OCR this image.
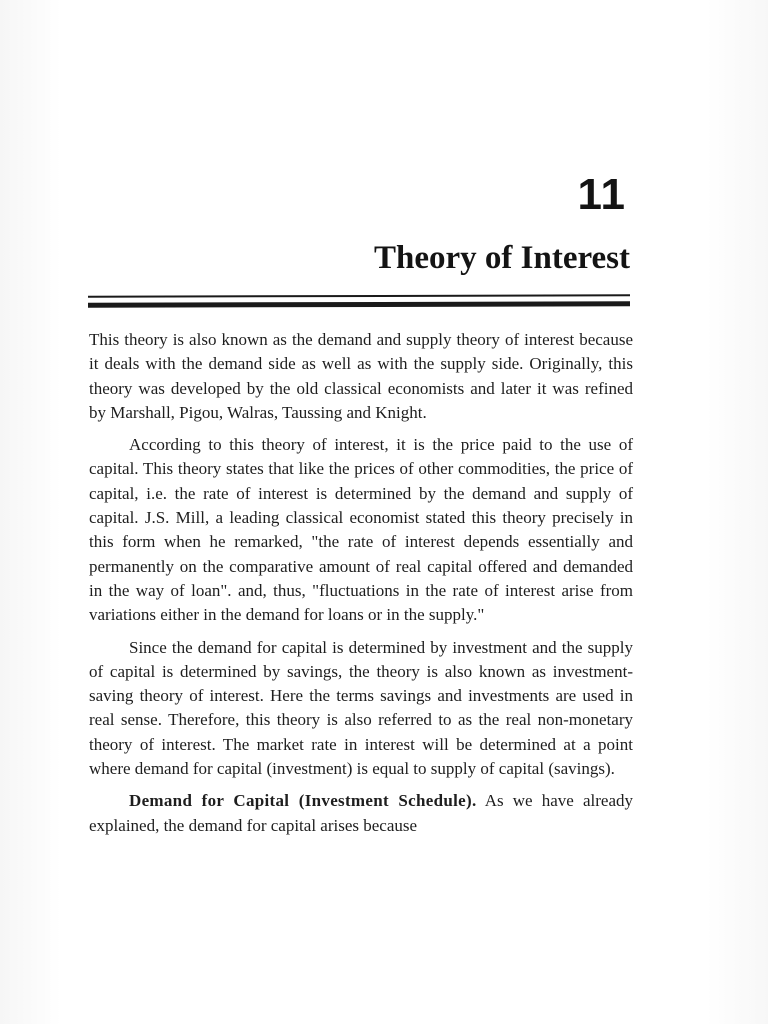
11
Theory of Interest

This theory is also known as the demand and supply theory of interest because it deals with the demand side as well as with the supply side. Originally, this theory was developed by the old classical economists and later it was refined by Marshall, Pigou, Walras, Taussing and Knight.

According to this theory of interest, it is the price paid to the use of capital. This theory states that like the prices of other commodities, the price of capital, i.e. the rate of interest is determined by the demand and supply of capital. J.S. Mill, a leading classical economist stated this theory precisely in this form when he remarked, "the rate of interest depends essentially and permanently on the comparative amount of real capital offered and demanded in the way of loan". and, thus, "fluctuations in the rate of interest arise from variations either in the demand for loans or in the supply."

Since the demand for capital is determined by investment and the supply of capital is determined by savings, the theory is also known as investment-saving theory of interest. Here the terms savings and investments are used in real sense. Therefore, this theory is also referred to as the real non-monetary theory of interest. The market rate in interest will be determined at a point where demand for capital (investment) is equal to supply of capital (savings).

Demand for Capital (Investment Schedule). As we have already explained, the demand for capital arises because
